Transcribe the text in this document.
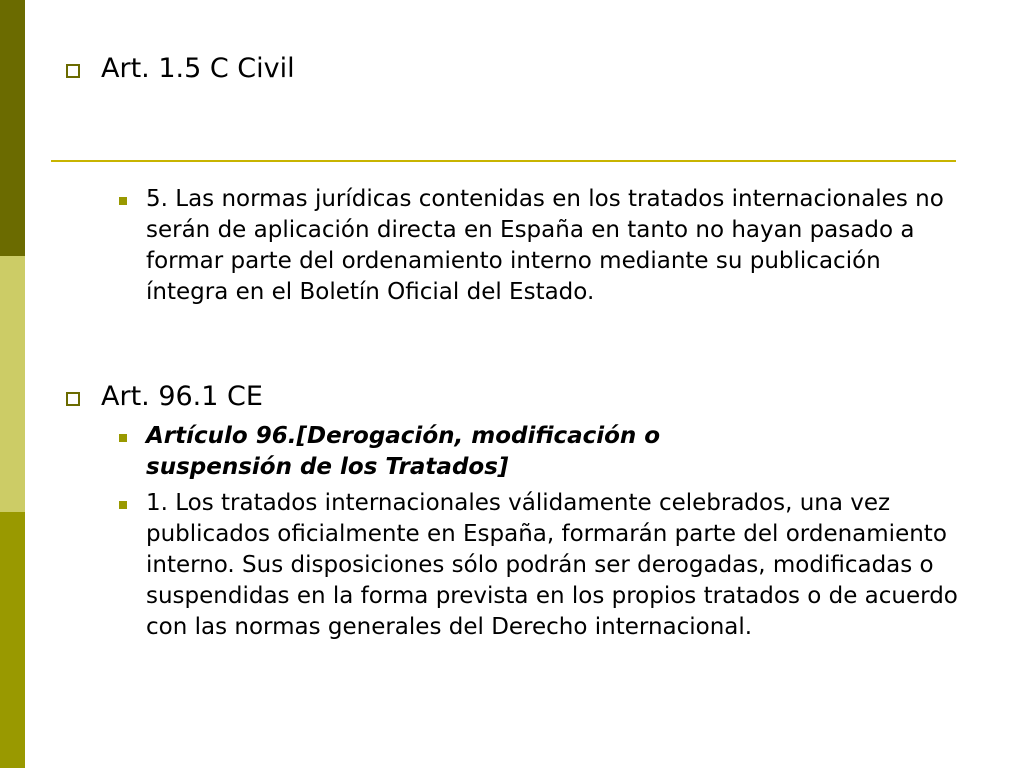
Art. 1.5 C Civil
5. Las normas jurídicas contenidas en los tratados internacionales no serán de aplicación directa en España en tanto no hayan pasado a formar parte del ordenamiento interno mediante su publicación íntegra en el Boletín Oficial del Estado.
Art. 96.1 CE
Artículo 96.[Derogación, modificación o suspensión de los Tratados]
1. Los tratados internacionales válidamente celebrados, una vez publicados oficialmente en España, formarán parte del ordenamiento interno. Sus disposiciones sólo podrán ser derogadas, modificadas o suspendidas en la forma prevista en los propios tratados o de acuerdo con las normas generales del Derecho internacional.
